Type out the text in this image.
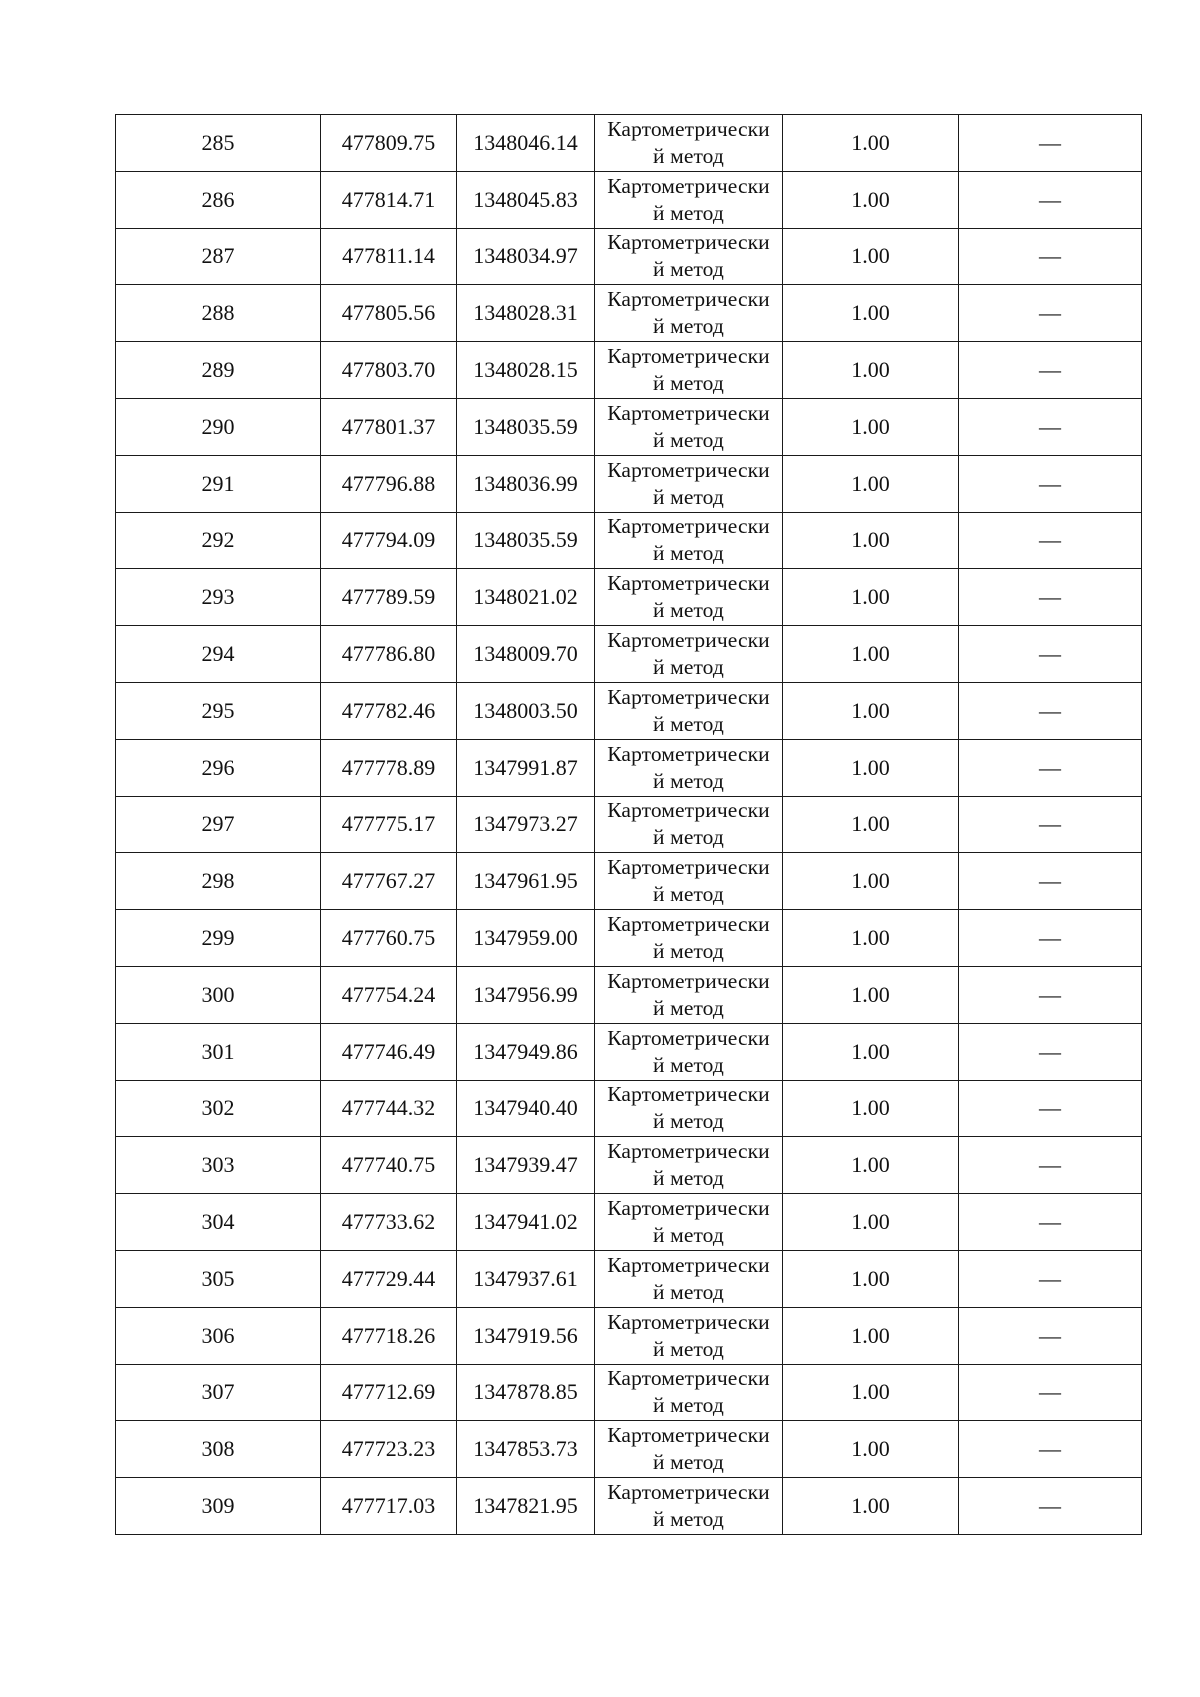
285	477809.75	1348046.14	Картометрически
й метод	1.00	—
286	477814.71	1348045.83	Картометрически
й метод	1.00	—
287	477811.14	1348034.97	Картометрически
й метод	1.00	—
288	477805.56	1348028.31	Картометрически
й метод	1.00	—
289	477803.70	1348028.15	Картометрически
й метод	1.00	—
290	477801.37	1348035.59	Картометрически
й метод	1.00	—
291	477796.88	1348036.99	Картометрически
й метод	1.00	—
292	477794.09	1348035.59	Картометрически
й метод	1.00	—
293	477789.59	1348021.02	Картометрически
й метод	1.00	—
294	477786.80	1348009.70	Картометрически
й метод	1.00	—
295	477782.46	1348003.50	Картометрически
й метод	1.00	—
296	477778.89	1347991.87	Картометрически
й метод	1.00	—
297	477775.17	1347973.27	Картометрически
й метод	1.00	—
298	477767.27	1347961.95	Картометрически
й метод	1.00	—
299	477760.75	1347959.00	Картометрически
й метод	1.00	—
300	477754.24	1347956.99	Картометрически
й метод	1.00	—
301	477746.49	1347949.86	Картометрически
й метод	1.00	—
302	477744.32	1347940.40	Картометрически
й метод	1.00	—
303	477740.75	1347939.47	Картометрически
й метод	1.00	—
304	477733.62	1347941.02	Картометрически
й метод	1.00	—
305	477729.44	1347937.61	Картометрически
й метод	1.00	—
306	477718.26	1347919.56	Картометрически
й метод	1.00	—
307	477712.69	1347878.85	Картометрически
й метод	1.00	—
308	477723.23	1347853.73	Картометрически
й метод	1.00	—
309	477717.03	1347821.95	Картометрически
й метод	1.00	—
